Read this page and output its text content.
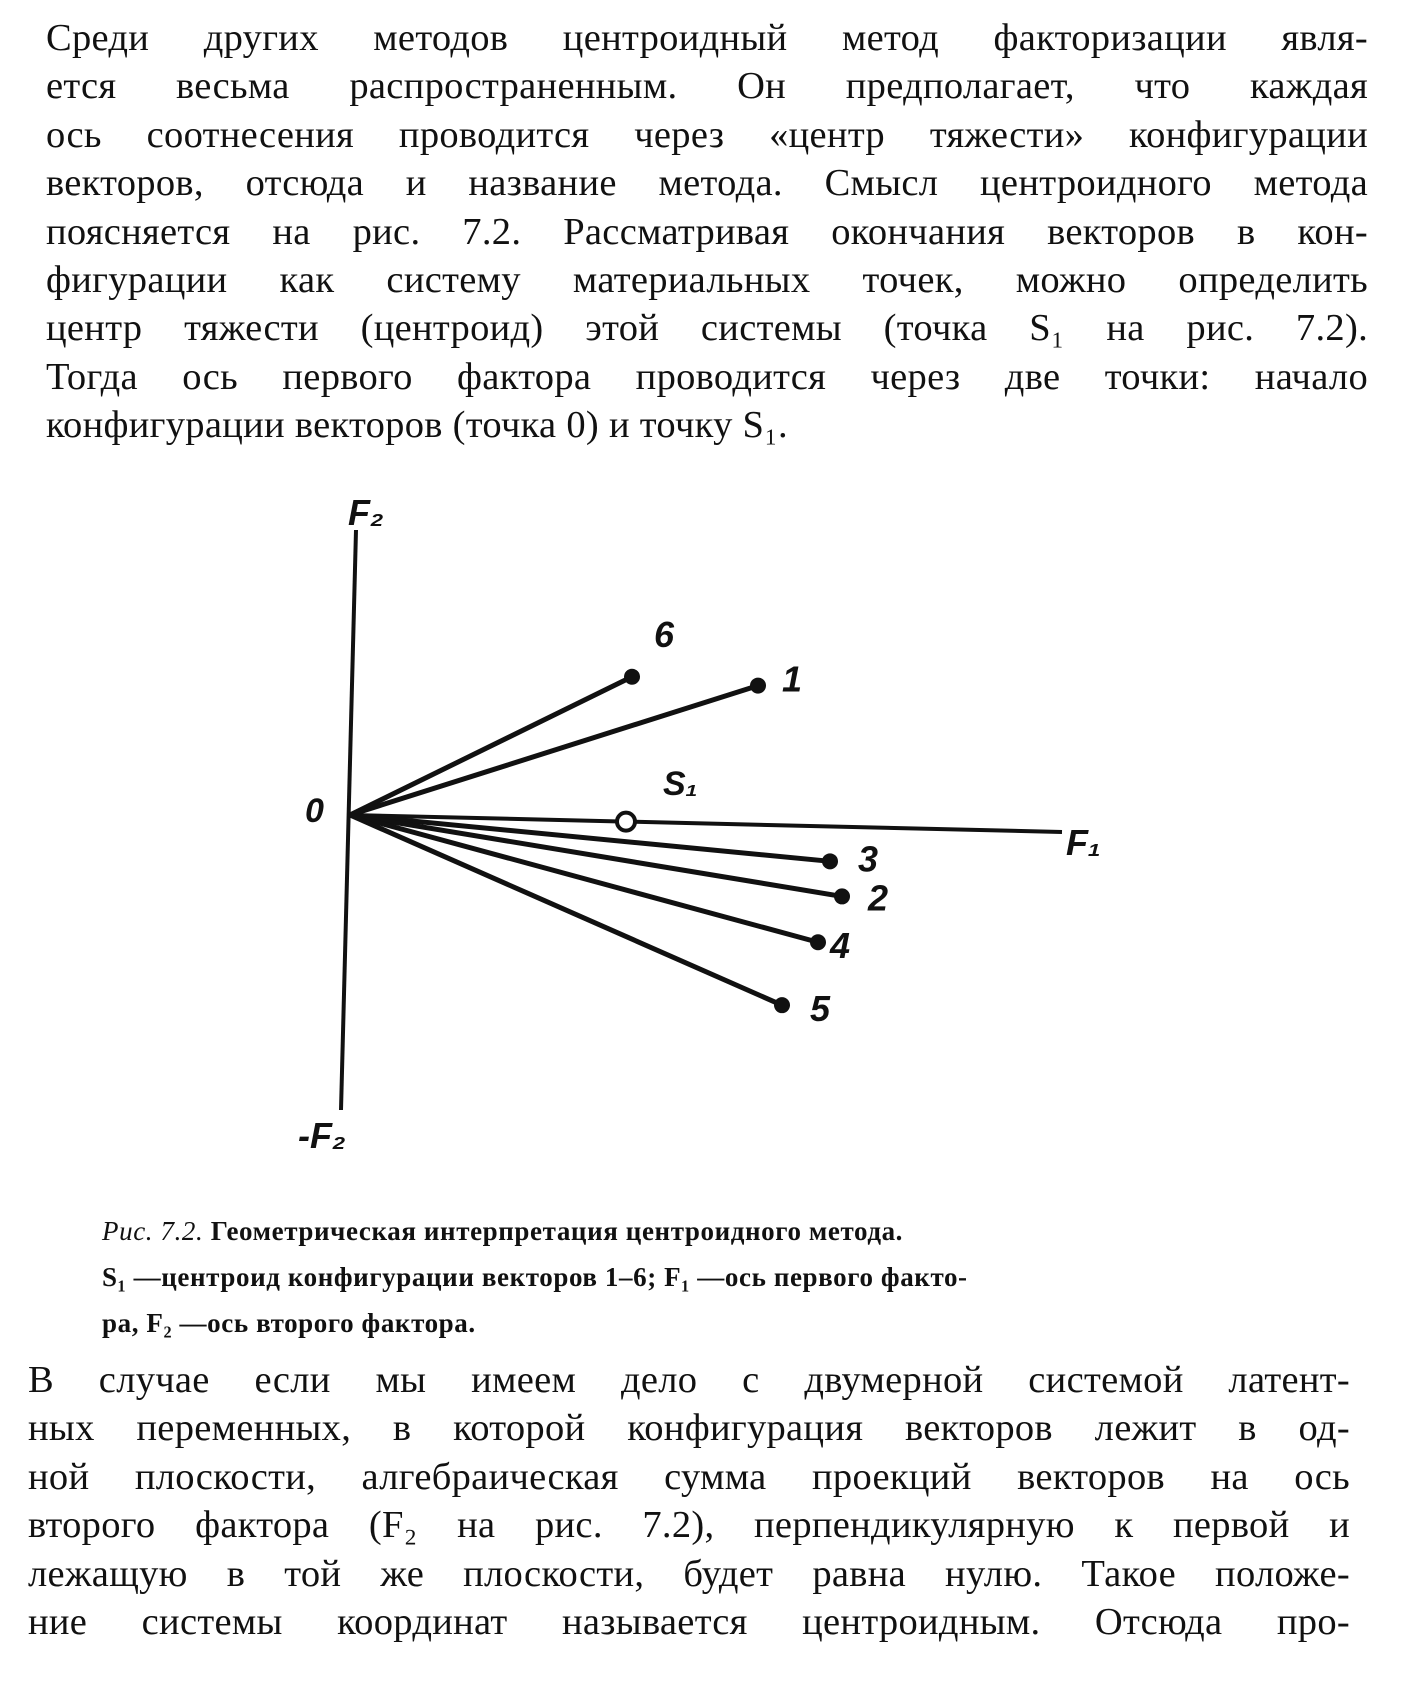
Среди других методов центроидный метод факторизации явля-
ется весьма распространенным. Он предполагает, что каждая
ось соотнесения проводится через «центр тяжести» конфигурации
векторов, отсюда и название метода. Смысл центроидного метода
поясняется на рис. 7.2. Рассматривая окончания векторов в кон-
фигурации как систему материальных точек, можно определить
центр тяжести (центроид) этой системы (точка S₁ на рис. 7.2).
Тогда ось первого фактора проводится через две точки: начало
конфигурации векторов (точка 0) и точку S₁.
6
1
3
2
4
5
F₂
-F₂
F₁
0
S₁
Рис. 7.2. Геометрическая интерпретация центроидного метода.
S₁ —центроид конфигурации векторов 1–6; F₁ —ось первого факто-
ра, F₂ —ось второго фактора.
В случае если мы имеем дело с двумерной системой латент-
ных переменных, в которой конфигурация векторов лежит в од-
ной плоскости, алгебраическая сумма проекций векторов на ось
второго фактора (F₂ на рис. 7.2), перпендикулярную к первой и
лежащую в той же плоскости, будет равна нулю. Такое положе-
ние системы координат называется центроидным. Отсюда про-
